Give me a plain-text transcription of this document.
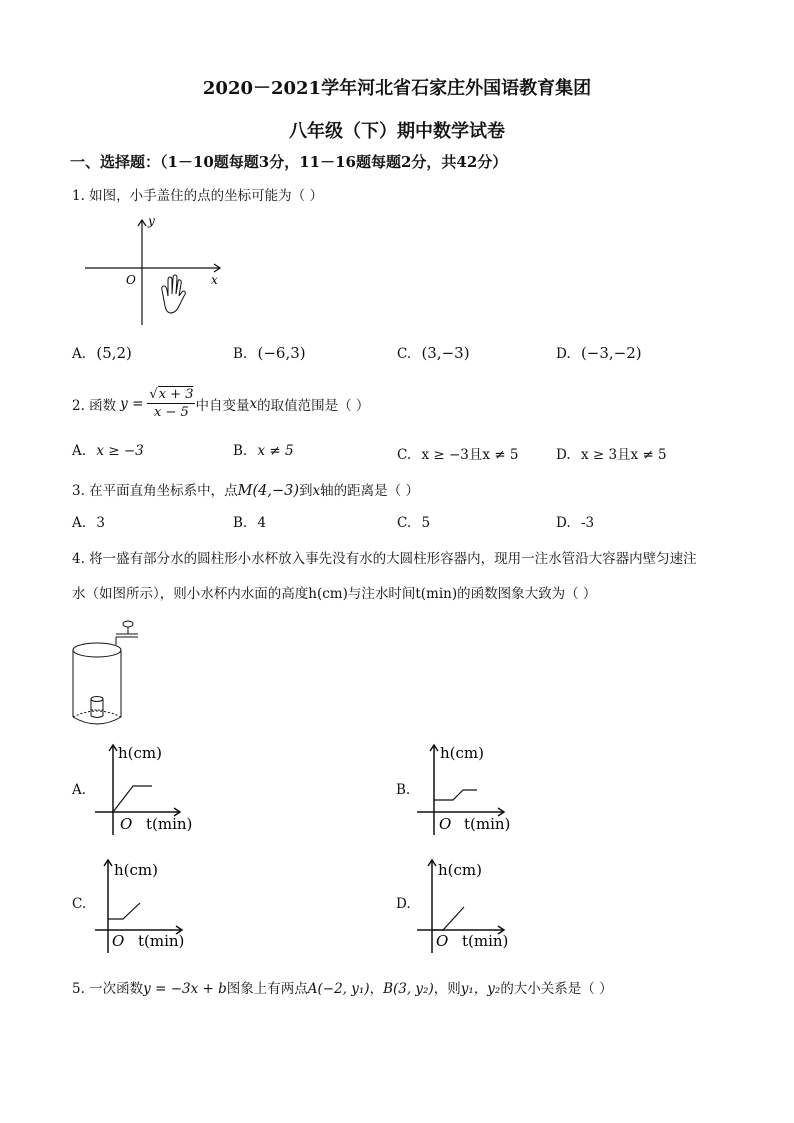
2020－2021学年河北省石家庄外国语教育集团
八年级（下）期中数学试卷
一、选择题：（1－10题每题3分，11－16题每题2分，共42分）
1. 如图，小手盖住的点的坐标可能为（ ）
y
x
O
A. (5,2)	B. (−6,3)	C. (3,−3)	D. (−3,−2)
2. 函数 $y = \frac{√x + 3}{x - 5}$ 中自变量 x 的取值范围是（ ）
A. x ≥ −3	B. x ≠ 5	C. x ≥ −3且x ≠ 5	D. x ≥ 3且x ≠ 5
3. 在平面直角坐标系中，点M(4,−3)到x轴的距离是（ ）
A. 3	B. 4	C. 5	D. -3
4. 将一盛有部分水的圆柱形小水杯放入事先没有水的大圆柱形容器内，现用一注水管沿大容器内壁匀速注
水（如图所示），则小水杯内水面的高度h(cm)与注水时间t(min)的函数图象大致为（ ）
A.
h(cm)
t(min)
O
B.
h(cm)
t(min)
O
C.
h(cm)
t(min)
O
D.
h(cm)
t(min)
O
5. 一次函数y = −3x + b图象上有两点A(−2, y₁)，B(3, y₂)，则y₁，y₂的大小关系是（ ）
